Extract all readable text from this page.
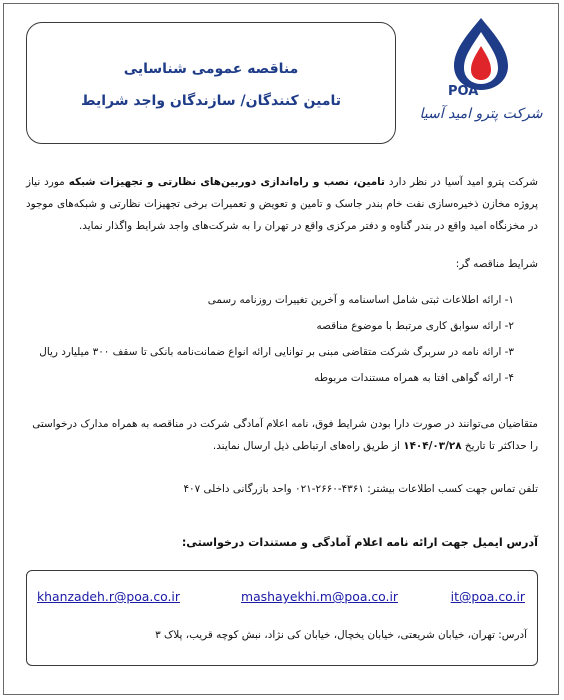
مناقصه عمومی شناسایی
تامین کنندگان/ سازندگان واجد شرایط
POA
شرکت پترو امید آسیا
شرکت پترو امید آسیا در نظر دارد تامین، نصب و راه‌اندازی دوربین‌های نظارتی و تجهیزات شبکه مورد نیاز پروژه مخازن ذخیره‌سازی نفت خام بندر جاسک و تامین و تعویض و تعمیرات برخی تجهیزات نظارتی و شبکه‌های موجود در مخزنگاه امید واقع در بندر گناوه و دفتر مرکزی واقع در تهران را به شرکت‌های واجد شرایط واگذار نماید.
شرایط مناقصه گر:
۱- ارائه اطلاعات ثبتی شامل اساسنامه و آخرین تغییرات روزنامه رسمی
۲- ارائه سوابق کاری مرتبط با موضوع مناقصه
۳- ارائه نامه در سربرگ شرکت متقاضی مبنی بر توانایی ارائه انواع ضمانت‌نامه بانکی تا سقف ۳۰۰ میلیارد ریال
۴- ارائه گواهی افتا به همراه مستندات مربوطه
متقاضیان می‌توانند در صورت دارا بودن شرایط فوق، نامه اعلام آمادگی شرکت در مناقصه به همراه مدارک درخواستی را حداکثر تا تاریخ ۱۴۰۴/۰۳/۲۸ از طریق راه‌های ارتباطی ذیل ارسال نمایند.
تلفن تماس جهت کسب اطلاعات بیشتر: ۴۳۶۱-۲۶۶۰-۰۲۱ واحد بازرگانی داخلی ۴۰۷
آدرس ایمیل جهت ارائه نامه اعلام آمادگی و مستندات درخواستی:
khanzadeh.r@poa.co.ir	mashayekhi.m@poa.co.ir	it@poa.co.ir
آدرس: تهران، خیابان شریعتی، خیابان یخچال، خیابان کی نژاد، نبش کوچه قریب، پلاک ۳
